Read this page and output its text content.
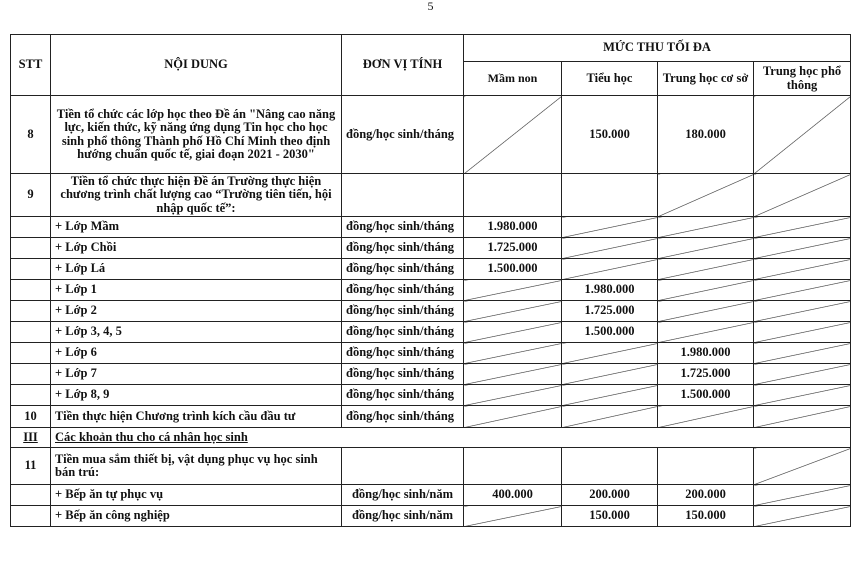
5
STT	NỘI DUNG	ĐƠN VỊ TÍNH	MỨC THU TỐI ĐA			
			Mầm non	Tiểu học	Trung học cơ sở	Trung học phổ thông
8	Tiền tổ chức các lớp học theo Đề án "Nâng cao năng lực, kiến thức, kỹ năng ứng dụng Tin học cho học sinh phổ thông Thành phố Hồ Chí Minh theo định hướng chuẩn quốc tế, giai đoạn 2021 - 2030"	đồng/học sinh/tháng		150.000	180.000	
9	Tiền tổ chức thực hiện Đề án Trường thực hiện chương trình chất lượng cao “Trường tiên tiến, hội nhập quốc tế”:					
	+ Lớp Mầm	đồng/học sinh/tháng	1.980.000			
	+ Lớp Chồi	đồng/học sinh/tháng	1.725.000			
	+ Lớp Lá	đồng/học sinh/tháng	1.500.000			
	+ Lớp 1	đồng/học sinh/tháng		1.980.000		
	+ Lớp 2	đồng/học sinh/tháng		1.725.000		
	+ Lớp 3, 4, 5	đồng/học sinh/tháng		1.500.000		
	+ Lớp 6	đồng/học sinh/tháng			1.980.000	
	+ Lớp 7	đồng/học sinh/tháng			1.725.000	
	+ Lớp 8, 9	đồng/học sinh/tháng			1.500.000	
10	Tiền thực hiện Chương trình kích cầu đầu tư	đồng/học sinh/tháng				
III	Các khoản thu cho cá nhân học sinh					
11	Tiền mua sắm thiết bị, vật dụng phục vụ học sinh bán trú:					
	+ Bếp ăn tự phục vụ	đồng/học sinh/năm	400.000	200.000	200.000	
	+ Bếp ăn công nghiệp	đồng/học sinh/năm		150.000	150.000	
